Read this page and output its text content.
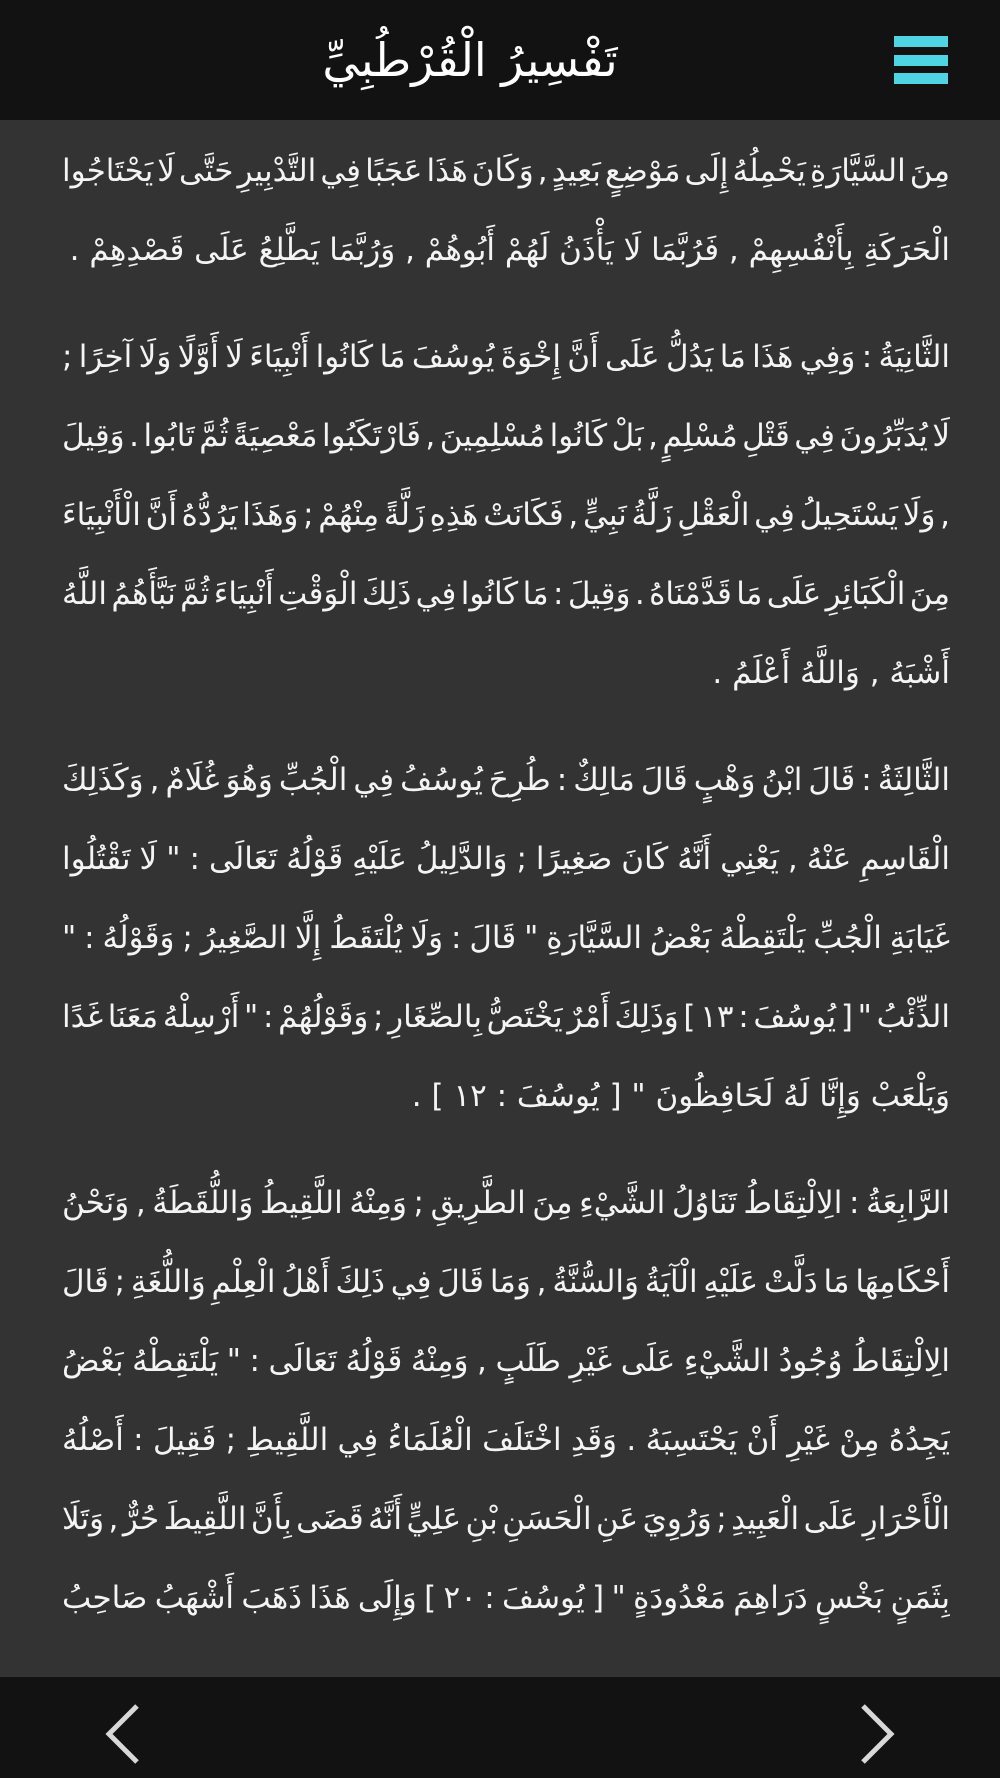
مِنَ السَّيَّارَةِ يَحْمِلُهُ إِلَى مَوْضِعٍ بَعِيدٍ , وَكَانَ هَذَا عَجَبًا فِي التَّدْبِيرِ حَتَّى لَا يَحْتَاجُوا
الْحَرَكَةِ بِأَنْفُسِهِمْ , فَرُبَّمَا لَا يَأْذَنُ لَهُمْ أَبُوهُمْ , وَرُبَّمَا يَطَّلِعُ عَلَى قَصْدِهِمْ .
الثَّانِيَةُ : وَفِي هَذَا مَا يَدُلُّ عَلَى أَنَّ إِخْوَةَ يُوسُفَ مَا كَانُوا أَنْبِيَاءَ لَا أَوَّلًا وَلَا آخِرًا ;
لَا يُدَبِّرُونَ فِي قَتْلِ مُسْلِمٍ , بَلْ كَانُوا مُسْلِمِينَ , فَارْتَكَبُوا مَعْصِيَةً ثُمَّ تَابُوا . وَقِيلَ
, وَلَا يَسْتَحِيلُ فِي الْعَقْلِ زَلَّةُ نَبِيٍّ , فَكَانَتْ هَذِهِ زَلَّةً مِنْهُمْ ; وَهَذَا يَرُدُّهُ أَنَّ الْأَنْبِيَاءَ
مِنَ الْكَبَائِرِ عَلَى مَا قَدَّمْنَاهُ . وَقِيلَ : مَا كَانُوا فِي ذَلِكَ الْوَقْتِ أَنْبِيَاءَ ثُمَّ نَبَّأَهُمُ اللَّهُ
أَشْبَهُ , وَاللَّهُ أَعْلَمُ .
الثَّالِثَةُ : قَالَ ابْنُ وَهْبٍ قَالَ مَالِكٌ : طُرِحَ يُوسُفُ فِي الْجُبِّ وَهُوَ غُلَامٌ , وَكَذَلِكَ
الْقَاسِمِ عَنْهُ , يَعْنِي أَنَّهُ كَانَ صَغِيرًا ; وَالدَّلِيلُ عَلَيْهِ قَوْلُهُ تَعَالَى : " لَا تَقْتُلُوا
غَيَابَةِ الْجُبِّ يَلْتَقِطْهُ بَعْضُ السَّيَّارَةِ " قَالَ : وَلَا يُلْتَقَطُ إِلَّا الصَّغِيرُ ; وَقَوْلُهُ : "
الذِّئْبُ " [ يُوسُفَ : ١٣ ] وَذَلِكَ أَمْرٌ يَخْتَصُّ بِالصِّغَارِ ; وَقَوْلُهُمْ : " أَرْسِلْهُ مَعَنَا غَدًا
وَيَلْعَبْ وَإِنَّا لَهُ لَحَافِظُونَ " [ يُوسُفَ : ١٢ ] .
الرَّابِعَةُ : الِالْتِقَاطُ تَنَاوُلُ الشَّيْءِ مِنَ الطَّرِيقِ ; وَمِنْهُ اللَّقِيطُ وَاللُّقَطَةُ , وَنَحْنُ
أَحْكَامِهَا مَا دَلَّتْ عَلَيْهِ الْآيَةُ وَالسُّنَّةُ , وَمَا قَالَ فِي ذَلِكَ أَهْلُ الْعِلْمِ وَاللُّغَةِ ; قَالَ
الِالْتِقَاطُ وُجُودُ الشَّيْءِ عَلَى غَيْرِ طَلَبٍ , وَمِنْهُ قَوْلُهُ تَعَالَى : " يَلْتَقِطْهُ بَعْضُ
يَجِدُهُ مِنْ غَيْرِ أَنْ يَحْتَسِبَهُ . وَقَدِ اخْتَلَفَ الْعُلَمَاءُ فِي اللَّقِيطِ ; فَقِيلَ : أَصْلُهُ
الْأَحْرَارِ عَلَى الْعَبِيدِ ; وَرُوِيَ عَنِ الْحَسَنِ بْنِ عَلِيٍّ أَنَّهُ قَضَى بِأَنَّ اللَّقِيطَ حُرٌّ , وَتَلَا
بِثَمَنٍ بَخْسٍ دَرَاهِمَ مَعْدُودَةٍ " [ يُوسُفَ : ٢٠ ] وَإِلَى هَذَا ذَهَبَ أَشْهَبُ صَاحِبُ
تَفْسِيرُ الْقُرْطُبِيِّ
